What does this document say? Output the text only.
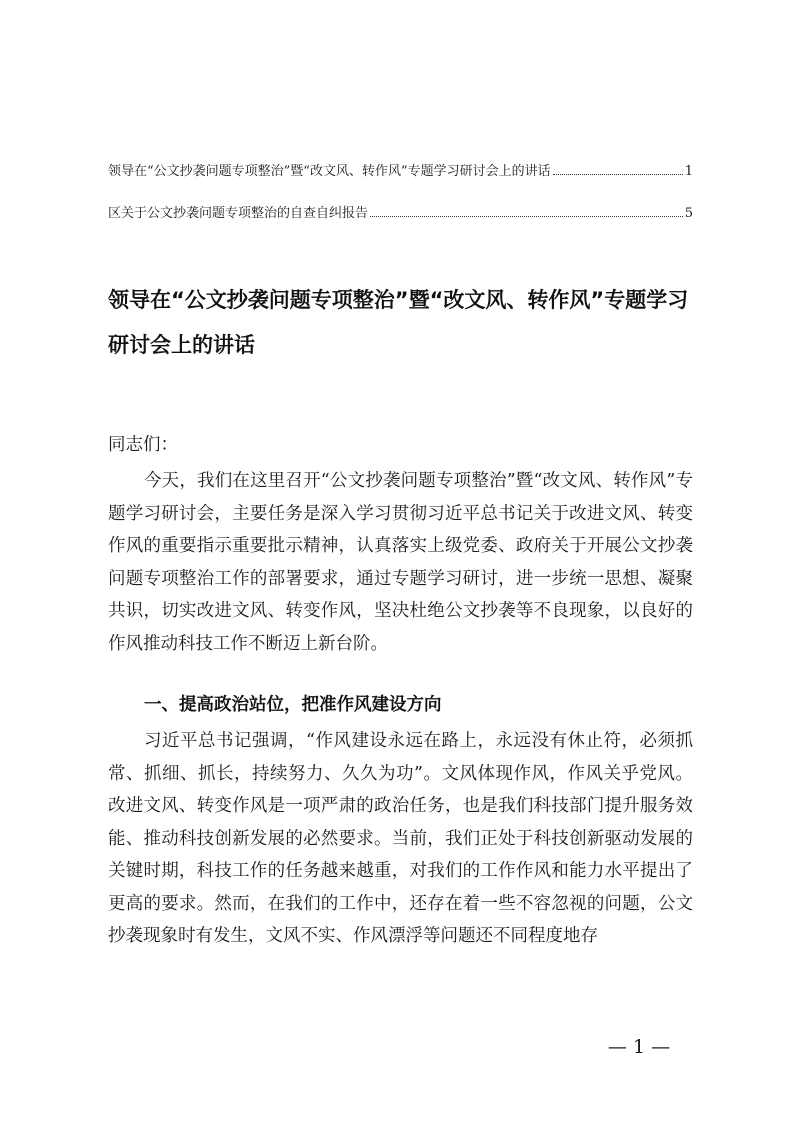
领导在“公文抄袭问题专项整治”暨“改文风、转作风”专题学习研讨会上的讲话	1
区关于公文抄袭问题专项整治的自查自纠报告	5
领导在“公文抄袭问题专项整治”暨“改文风、转作风”专题学习研讨会上的讲话
同志们：

今天，我们在这里召开“公文抄袭问题专项整治”暨“改文风、转作风”专题学习研讨会，主要任务是深入学习贯彻习近平总书记关于改进文风、转变作风的重要指示重要批示精神，认真落实上级党委、政府关于开展公文抄袭问题专项整治工作的部署要求，通过专题学习研讨，进一步统一思想、凝聚共识，切实改进文风、转变作风，坚决杜绝公文抄袭等不良现象，以良好的作风推动科技工作不断迈上新台阶。

一、提高政治站位，把准作风建设方向

习近平总书记强调，“作风建设永远在路上，永远没有休止符，必须抓常、抓细、抓长，持续努力、久久为功”。文风体现作风，作风关乎党风。改进文风、转变作风是一项严肃的政治任务，也是我们科技部门提升服务效能、推动科技创新发展的必然要求。当前，我们正处于科技创新驱动发展的关键时期，科技工作的任务越来越重，对我们的工作作风和能力水平提出了更高的要求。然而，在我们的工作中，还存在着一些不容忽视的问题，公文抄袭现象时有发生，文风不实、作风漂浮等问题还不同程度地存

— 1 —
